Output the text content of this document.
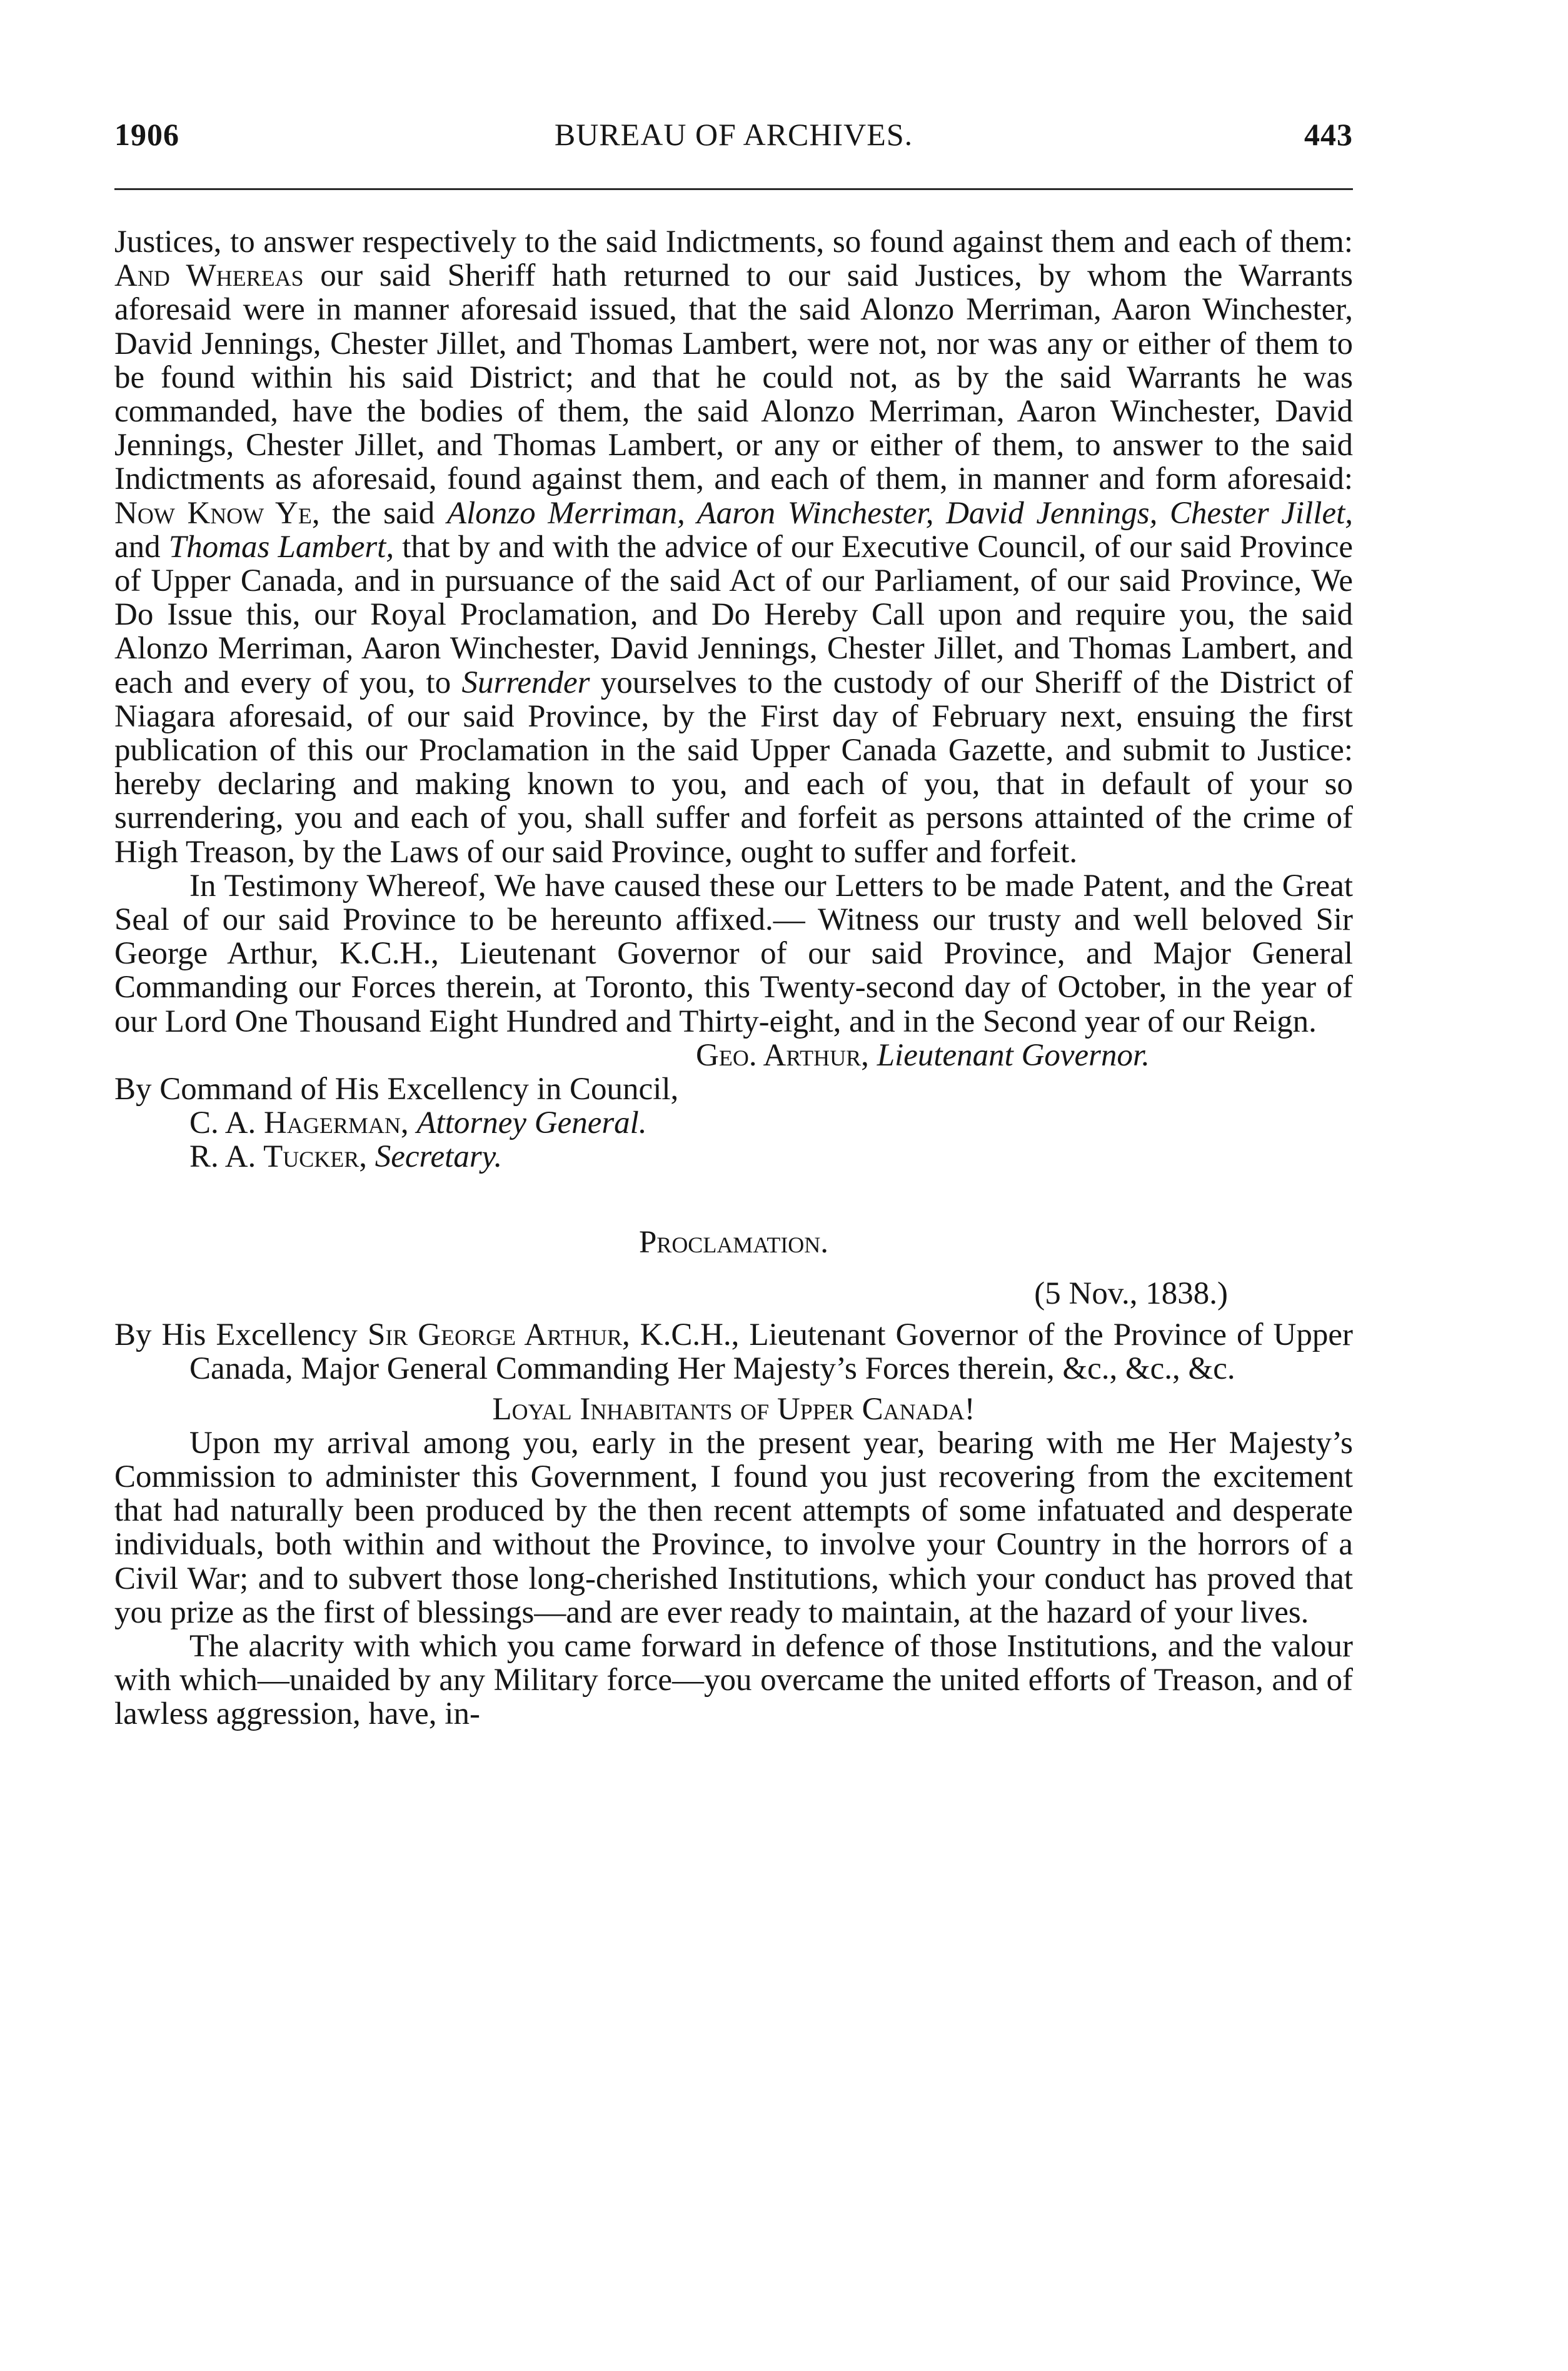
1906	BUREAU OF ARCHIVES.	443

Justices, to answer respectively to the said Indictments, so found against them and each of them: And Whereas our said Sheriff hath returned to our said Justices, by whom the Warrants aforesaid were in manner aforesaid issued, that the said Alonzo Merriman, Aaron Winchester, David Jennings, Chester Jillet, and Thomas Lambert, were not, nor was any or either of them to be found within his said District; and that he could not, as by the said Warrants he was commanded, have the bodies of them, the said Alonzo Merriman, Aaron Winchester, David Jennings, Chester Jillet, and Thomas Lambert, or any or either of them, to answer to the said Indictments as aforesaid, found against them, and each of them, in manner and form aforesaid: Now Know Ye, the said Alonzo Merriman, Aaron Winchester, David Jennings, Chester Jillet, and Thomas Lambert, that by and with the advice of our Executive Council, of our said Province of Upper Canada, and in pursuance of the said Act of our Parliament, of our said Province, We Do Issue this, our Royal Proclamation, and Do Hereby Call upon and require you, the said Alonzo Merriman, Aaron Winchester, David Jennings, Chester Jillet, and Thomas Lambert, and each and every of you, to Surrender yourselves to the custody of our Sheriff of the District of Niagara aforesaid, of our said Province, by the First day of February next, ensuing the first publication of this our Proclamation in the said Upper Canada Gazette, and submit to Justice: hereby declaring and making known to you, and each of you, that in default of your so surrendering, you and each of you, shall suffer and forfeit as persons attainted of the crime of High Treason, by the Laws of our said Province, ought to suffer and forfeit.

In Testimony Whereof, We have caused these our Letters to be made Patent, and the Great Seal of our said Province to be hereunto affixed.— Witness our trusty and well beloved Sir George Arthur, K.C.H., Lieutenant Governor of our said Province, and Major General Commanding our Forces therein, at Toronto, this Twenty-second day of October, in the year of our Lord One Thousand Eight Hundred and Thirty-eight, and in the Second year of our Reign.

Geo. Arthur, Lieutenant Governor.

By Command of His Excellency in Council,

C. A. Hagerman, Attorney General.

R. A. Tucker, Secretary.

Proclamation.

(5 Nov., 1838.)

By His Excellency Sir George Arthur, K.C.H., Lieutenant Governor of the Province of Upper Canada, Major General Commanding Her Majesty’s Forces therein, &c., &c., &c.

Loyal Inhabitants of Upper Canada!

Upon my arrival among you, early in the present year, bearing with me Her Majesty’s Commission to administer this Government, I found you just recovering from the excitement that had naturally been produced by the then recent attempts of some infatuated and desperate individuals, both within and without the Province, to involve your Country in the horrors of a Civil War; and to subvert those long-cherished Institutions, which your conduct has proved that you prize as the first of blessings—and are ever ready to maintain, at the hazard of your lives.

The alacrity with which you came forward in defence of those Institutions, and the valour with which—unaided by any Military force—you overcame the united efforts of Treason, and of lawless aggression, have, in-
